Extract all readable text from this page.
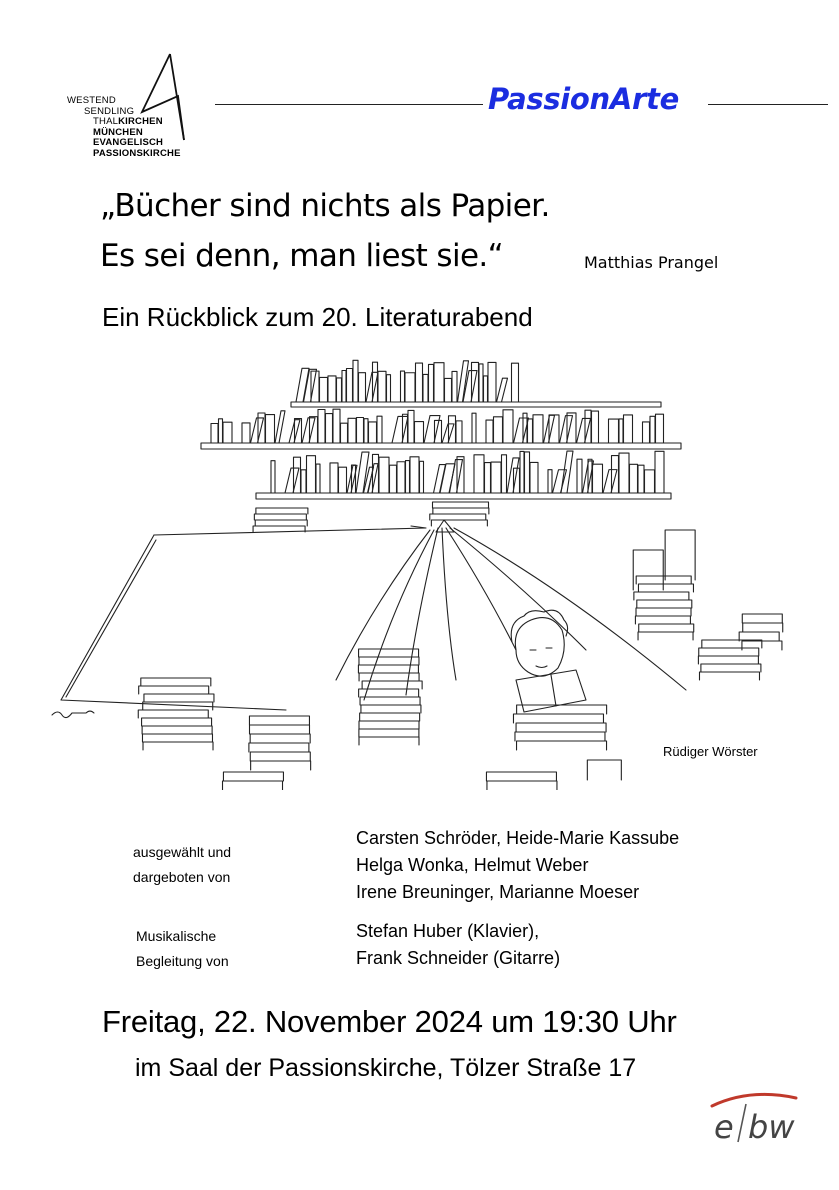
WESTEND
SENDLING
THALKIRCHEN
MÜNCHEN
EVANGELISCH
PASSIONSKIRCHE
PassionArte
„Bücher sind nichts als Papier.
Es sei denn, man liest sie.“	Matthias Prangel
Ein Rückblick zum 20. Literaturabend
Rüdiger Wörster
ausgewählt und
dargeboten von
Carsten Schröder, Heide-Marie Kassube
Helga Wonka, Helmut Weber
Irene Breuninger, Marianne Moeser
Musikalische
Begleitung von
Stefan Huber (Klavier),
Frank Schneider (Gitarre)
Freitag, 22. November 2024 um 19:30 Uhr
im Saal der Passionskirche, Tölzer Straße 17
e bw
